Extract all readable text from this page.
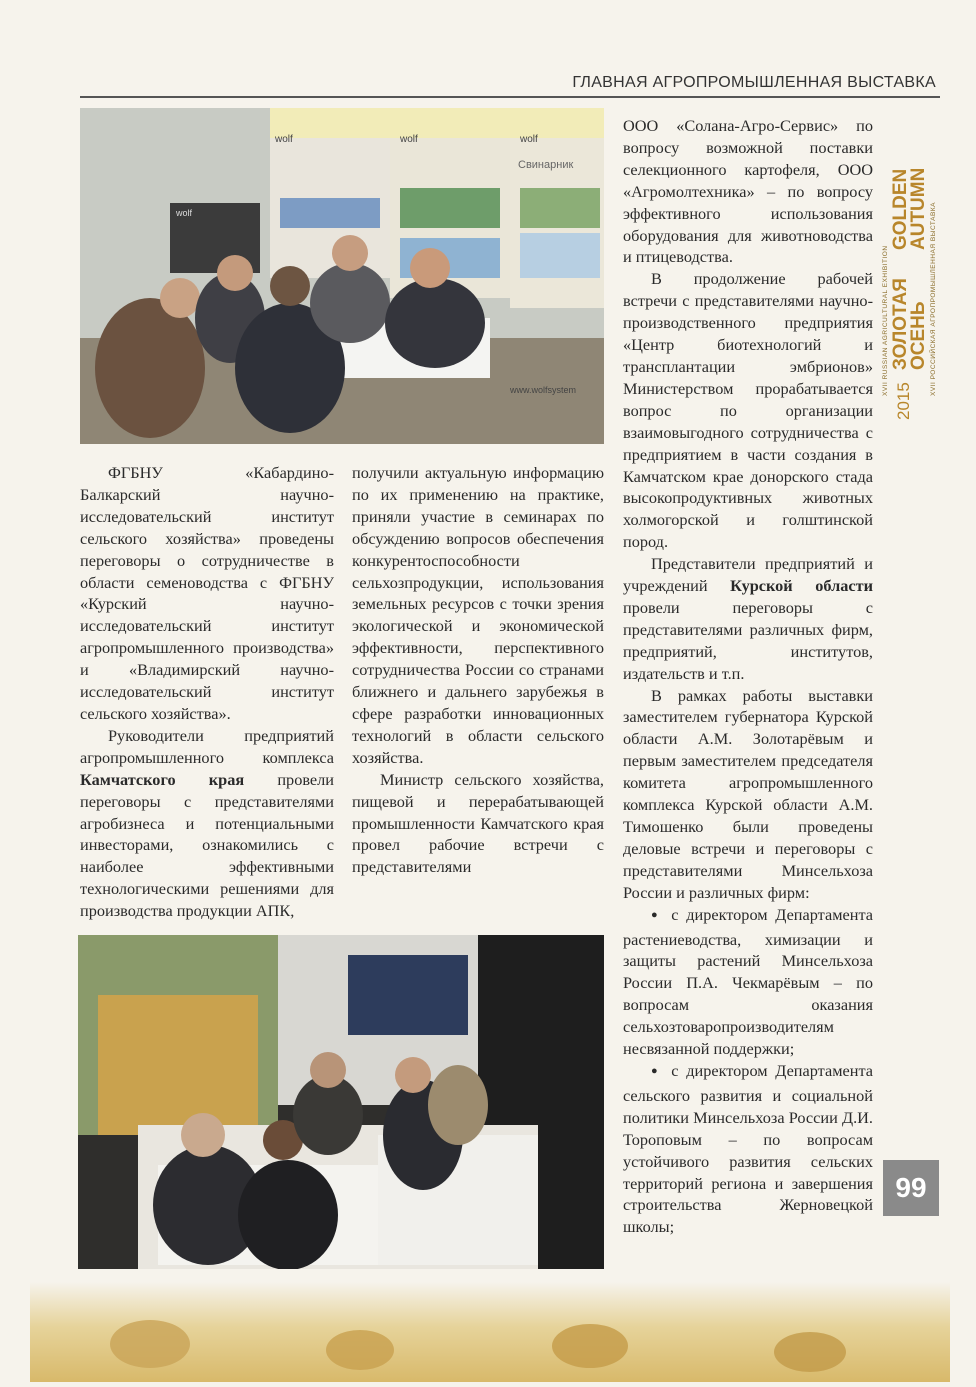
ГЛАВНАЯ АГРОПРОМЫШЛЕННАЯ ВЫСТАВКА
wolf	wolf	wolf
wolf
Свинарник
www.wolfsystem

ФГБНУ «Кабардино-Балкарский научно-исследовательский институт сельского хозяйства» проведены переговоры о сотрудничестве в области семеноводства с ФГБНУ «Курский научно-исследовательский институт агропромышленного производства» и «Владимирский научно-исследовательский институт сельского хозяйства».

Руководители предприятий агропромышленного комплекса Камчатского края провели переговоры с представителями агробизнеса и потенциальными инвесторами, ознакомились с наиболее эффективными технологическими решениями для производства продукции АПК,

получили актуальную информацию по их применению на практике, приняли участие в семинарах по обсуждению вопросов обеспечения конкурентоспособности сельхозпродукции, использования земельных ресурсов с точки зрения экологической и экономической эффективности, перспективного сотрудничества России со странами ближнего и дальнего зарубежья в сфере разработки инновационных технологий в области сельского хозяйства.

Министр сельского хозяйства, пищевой и перерабатывающей промышленности Камчатского края провел рабочие встречи с представителями

ООО «Солана-Агро-Сервис» по вопросу возможной поставки селекционного картофеля, ООО «Агромолтехника» – по вопросу эффективного использования оборудования для животноводства и птицеводства.

В продолжение рабочей встречи с представителями научно-производственного предприятия «Центр биотехнологий и трансплантации эмбрионов» Министерством прорабатывается вопрос по организации взаимовыгодного сотрудничества с предприятием в части создания в Камчатском крае донорского стада высокопродуктивных животных холмогорской и голштинской пород.

Представители предприятий и учреждений Курской области провели переговоры с представителями различных фирм, предприятий, институтов, издательств и т.п.

В рамках работы выставки заместителем губернатора Курской области А.М. Золотарёвым и первым заместителем председателя комитета агропромышленного комплекса Курской области А.М. Тимошенко были проведены деловые встречи и переговоры с представителями Минсельхоза России и различных фирм:

● с директором Департамента растениеводства, химизации и защиты растений Минсельхоза России П.А. Чекмарёвым – по вопросам оказания сельхозтоваропроизводителям несвязанной поддержки;

● с директором Департамента сельского развития и социальной политики Минсельхоза России Д.И. Тороповым – по вопросам устойчивого развития сельских территорий региона и завершения строительства Жерновецкой школы;

XVII RUSSIAN AGRICULTURAL EXHIBITION
GOLDEN
AUTUMN
ЗОЛОТАЯ
ОСЕНЬ
2015
XVII РОССИЙСКАЯ АГРОПРОМЫШЛЕННАЯ ВЫСТАВКА
99
